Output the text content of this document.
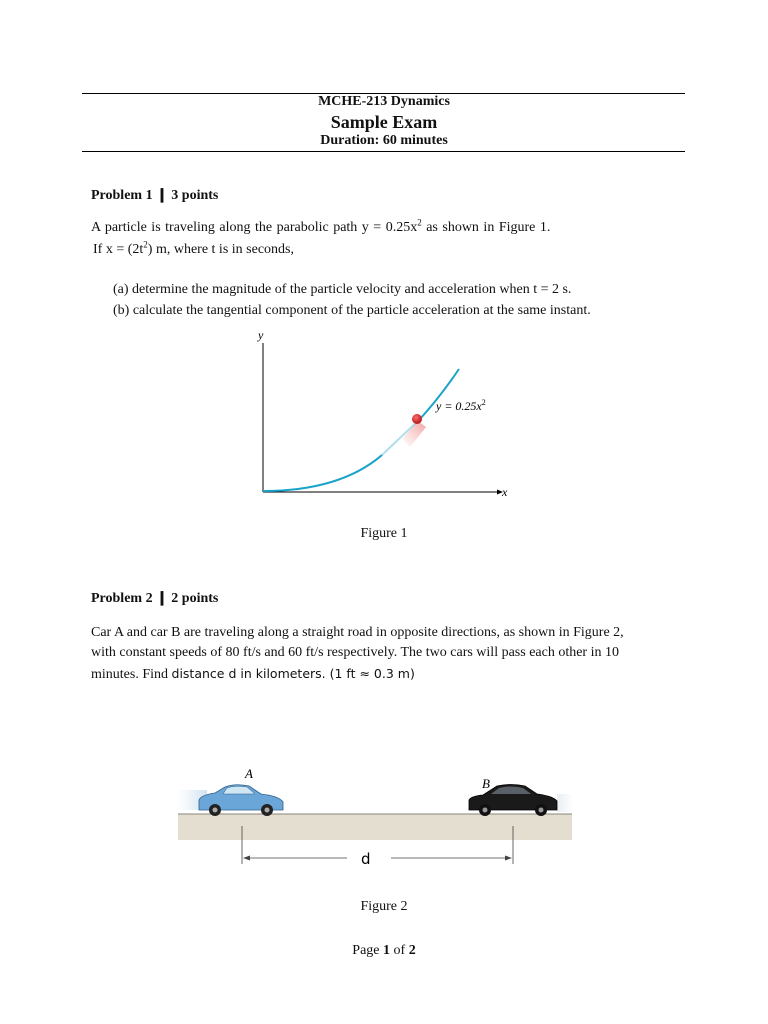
MCHE-213 Dynamics
Sample Exam
Duration: 60 minutes
Problem 1 ❙ 3 points
A particle is traveling along the parabolic path $y = 0.25x^2$ as shown in Figure 1.
If $x = (2t^2)$ m, where t is in seconds,
(a) determine the magnitude of the particle velocity and acceleration when t = 2 s.
(b) calculate the tangential component of the particle acceleration at the same instant.
y
x
$y = 0.25x^2$
Figure 1
Problem 2 ❙ 2 points
Car A and car B are traveling along a straight road in opposite directions, as shown in Figure 2,
with constant speeds of 80 ft/s and 60 ft/s respectively. The two cars will pass each other in 10
minutes. Find distance d in kilometers. (1 ft ≈ 0.3 m)
A
B
d
Figure 2
Page 1 of 2
